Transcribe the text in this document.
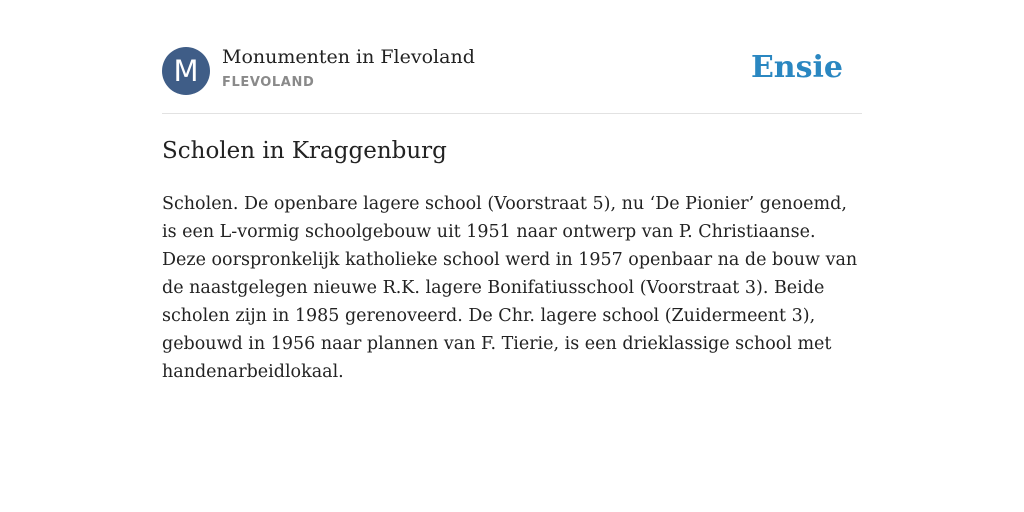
M	Monumenten in Flevoland
FLEVOLAND	Ensie
Scholen in Kraggenburg

Scholen. De openbare lagere school (Voorstraat 5), nu ‘De Pionier’ genoemd, is een L-vormig schoolgebouw uit 1951 naar ontwerp van P. Christiaanse. Deze oorspronkelijk katholieke school werd in 1957 openbaar na de bouw van de naastgelegen nieuwe R.K. lagere Bonifatiusschool (Voorstraat 3). Beide scholen zijn in 1985 gerenoveerd. De Chr. lagere school (Zuidermeent 3), gebouwd in 1956 naar plannen van F. Tierie, is een drieklassige school met handenarbeidlokaal.
